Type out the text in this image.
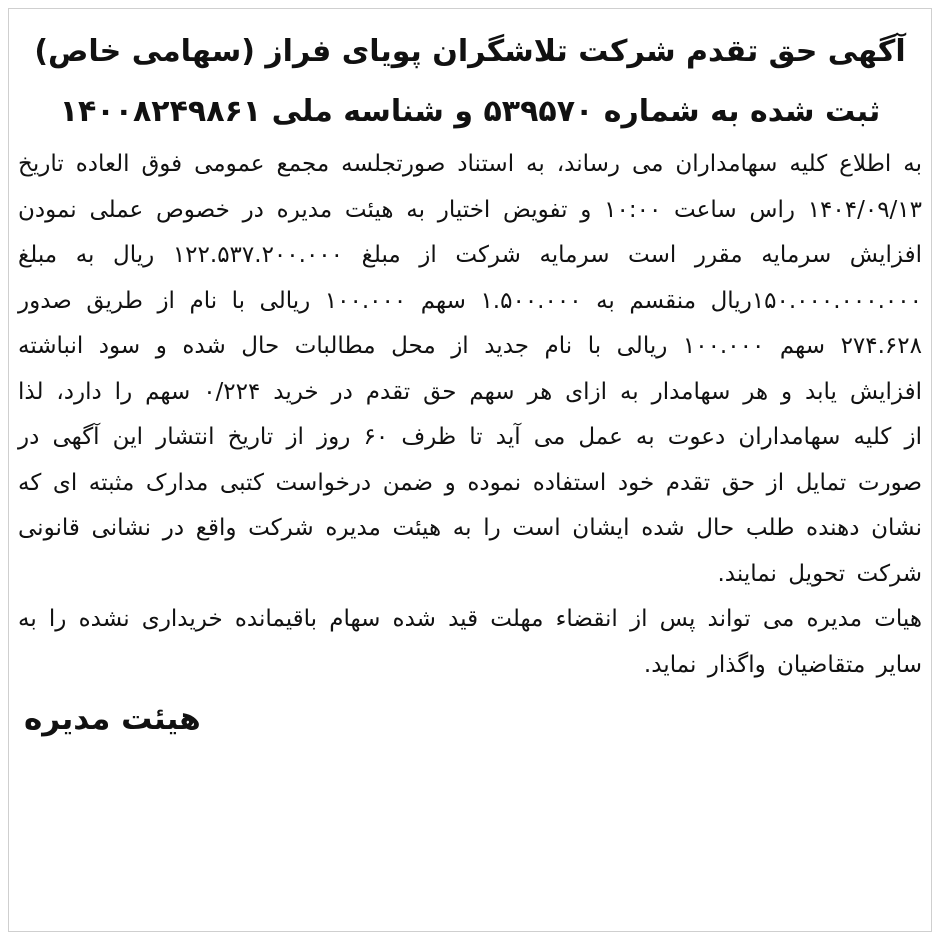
آگهی حق تقدم شرکت تلاشگران پویای فراز (سهامی خاص)
ثبت شده به شماره ۵۳۹۵۷۰ و شناسه ملی ۱۴۰۰۸۲۴۹۸۶۱

به اطلاع کلیه سهامداران می رساند، به استناد صورتجلسه مجمع عمومی فوق العاده تاریخ ۱۴۰۴/۰۹/۱۳ راس ساعت ۱۰:۰۰ و تفویض اختیار به هیئت مدیره در خصوص عملی نمودن افزایش سرمایه مقرر است سرمایه شرکت از مبلغ ۱۲۲.۵۳۷.۲۰۰.۰۰۰ ریال به مبلغ ۱۵۰.۰۰۰.۰۰۰.۰۰۰ریال منقسم به ۱.۵۰۰.۰۰۰ سهم ۱۰۰.۰۰۰ ریالی با نام از طریق صدور ۲۷۴.۶۲۸ سهم ۱۰۰.۰۰۰ ریالی با نام جدید از محل مطالبات حال شده و سود انباشته افزایش یابد و هر سهامدار به ازای هر سهم حق تقدم در خرید ۰/۲۲۴ سهم را دارد، لذا از کلیه سهامداران دعوت به عمل می آید تا ظرف ۶۰ روز از تاریخ انتشار این آگهی در صورت تمایل از حق تقدم خود استفاده نموده و ضمن درخواست کتبی مدارک مثبته ای که نشان دهنده طلب حال شده ایشان است را به هیئت مدیره شرکت واقع در نشانی قانونی شرکت تحویل نمایند.

هیات مدیره می تواند پس از انقضاء مهلت قید شده سهام باقیمانده خریداری نشده را به سایر متقاضیان واگذار نماید.

هیئت مدیره
